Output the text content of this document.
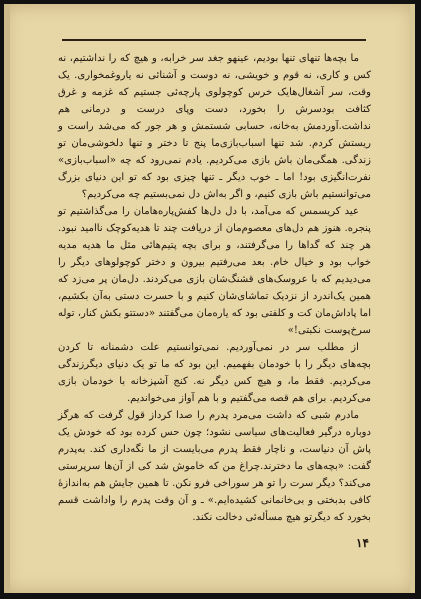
ما بچه‌ها تنهای تنها بودیم، عینهو جغد سر خرابه، و هیچ که را نداشتیم، نه کس و کاری، نه قوم و خویشی، نه دوست و آشنائی نه یاروغمخواری. یک وقت، سر آشغال‌هایک خرس کوچولوی پارچه‌ئی جستیم که غزمه و غرق کثافت بودسرش را بخورد، دست وپای درست و درمانی هم نداشت.آوردمش به‌خانه، حسابی شستمش و هر جور که می‌شد راست و ریستش کردم. شد تنها اسباب‌بازی‌ما پنج تا دختر و تنها دلخوشی‌مان تو زندگی. همگی‌مان باش بازی می‌کردیم. یادم نمی‌رود که چه «اسباب‌بازی» نفرت‌انگیزی بود! اما ـ خوب دیگر ـ تنها چیزی بود که تو این دنیای بزرگ می‌توانستیم باش بازی کنیم، و اگر به‌اش دل نمی‌بستیم چه می‌کردیم؟

عید کریسمس که می‌آمد، با دل دل‌ها کفش‌پاره‌هامان را می‌گذاشتیم تو پنجره. هنوز هم دل‌های معصوم‌مان از دریافت چند تا هدیه‌کوچک ناامید نبود. هر چند که گداها را می‌گرفتند، و برای بچه پتیم‌هائی مثل ما هدیه مدیه خواب بود و خیال خام. بعد می‌رفتیم بیرون و دختر کوچولوهای دیگر را می‌دیدیم که با عروسک‌های قشنگ‌شان بازی می‌کردند. دل‌مان پر می‌زد که همین یک‌اندرد از نزدیک تماشای‌شان کنیم و با حسرت دستی به‌آن بکشیم، اما پاداش‌مان کت و کلفتی بود که یاره‌مان می‌گفتند «دستتو بکش کنار، توله سرخ‌پوست نکبتی!»

از مطلب سر در نمی‌آوردیم. نمی‌توانستیم علت دشمنانه تا کردن بچه‌های دیگر را با خودمان بفهمیم. این بود که ما تو یک دنیای دیگرزندگی می‌کردیم. فقط ما، و هیچ کس دیگر نه. کنج آشپزخانه با خودمان بازی می‌کردیم. برای هم قصه می‌گفتیم و با هم آواز می‌خواندیم.

مادرم شبی که داشت می‌مرد پدرم را صدا کرداز قول گرفت که هرگز دوباره درگیر فعالیت‌های سیاسی نشود؛ چون حس کرده بود که خودش یک پاش آن دنیاست، و ناچار فقط پدرم می‌بایست از ما نگه‌داری کند. به‌پدرم گفت: «بچه‌های ما دخترند.چراغ من که خاموش شد کی از آن‌ها سرپرستی می‌کند؟ دیگر سرت را تو هر سوراخی فرو نکن. تا همین جایش هم به‌اندازهٔ کافی بدبختی و بی‌خانمانی کشیده‌ایم.» ـ و آن وقت پدرم را واداشت قسم بخورد که دیگرتو هیچ مسأله‌ئی دخالت نکند.

۱۴
